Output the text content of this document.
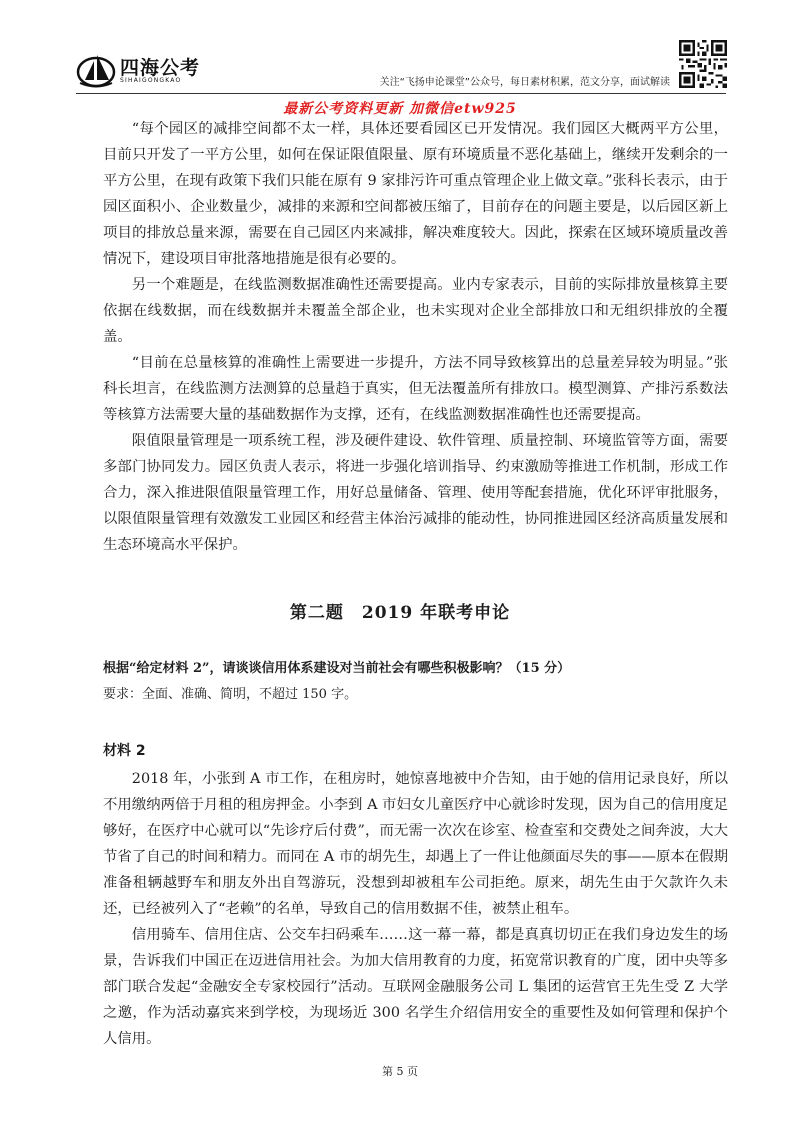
四海公考
SIHAIGONGKAO	关注“飞扬申论课堂”公众号，每日素材积累，范文分享，面试解读
最新公考资料更新 加微信etw925

“每个园区的减排空间都不太一样，具体还要看园区已开发情况。我们园区大概两平方公里，目前只开发了一平方公里，如何在保证限值限量、原有环境质量不恶化基础上，继续开发剩余的一平方公里，在现有政策下我们只能在原有 9 家排污许可重点管理企业上做文章。”张科长表示，由于园区面积小、企业数量少，减排的来源和空间都被压缩了，目前存在的问题主要是，以后园区新上项目的排放总量来源，需要在自己园区内来减排，解决难度较大。因此，探索在区域环境质量改善情况下，建设项目审批落地措施是很有必要的。

另一个难题是，在线监测数据准确性还需要提高。业内专家表示，目前的实际排放量核算主要依据在线数据，而在线数据并未覆盖全部企业，也未实现对企业全部排放口和无组织排放的全覆盖。

“目前在总量核算的准确性上需要进一步提升，方法不同导致核算出的总量差异较为明显。”张科长坦言，在线监测方法测算的总量趋于真实，但无法覆盖所有排放口。模型测算、产排污系数法等核算方法需要大量的基础数据作为支撑，还有，在线监测数据准确性也还需要提高。

限值限量管理是一项系统工程，涉及硬件建设、软件管理、质量控制、环境监管等方面，需要多部门协同发力。园区负责人表示，将进一步强化培训指导、约束激励等推进工作机制，形成工作合力，深入推进限值限量管理工作，用好总量储备、管理、使用等配套措施，优化环评审批服务，以限值限量管理有效激发工业园区和经营主体治污减排的能动性，协同推进园区经济高质量发展和生态环境高水平保护。

第二题　2019 年联考申论
根据“给定材料 2”，请谈谈信用体系建设对当前社会有哪些积极影响？（15 分）
要求：全面、准确、简明，不超过 150 字。
材料 2

2018 年，小张到 A 市工作，在租房时，她惊喜地被中介告知，由于她的信用记录良好，所以不用缴纳两倍于月租的租房押金。小李到 A 市妇女儿童医疗中心就诊时发现，因为自己的信用度足够好，在医疗中心就可以“先诊疗后付费”，而无需一次次在诊室、检查室和交费处之间奔波，大大节省了自己的时间和精力。而同在 A 市的胡先生，却遇上了一件让他颜面尽失的事——原本在假期准备租辆越野车和朋友外出自驾游玩，没想到却被租车公司拒绝。原来，胡先生由于欠款许久未还，已经被列入了“老赖”的名单，导致自己的信用数据不佳，被禁止租车。

信用骑车、信用住店、公交车扫码乘车……这一幕一幕，都是真真切切正在我们身边发生的场景，告诉我们中国正在迈进信用社会。为加大信用教育的力度，拓宽常识教育的广度，团中央等多部门联合发起“金融安全专家校园行”活动。互联网金融服务公司 L 集团的运营官王先生受 Z 大学之邀，作为活动嘉宾来到学校，为现场近 300 名学生介绍信用安全的重要性及如何管理和保护个人信用。

第 5 页
